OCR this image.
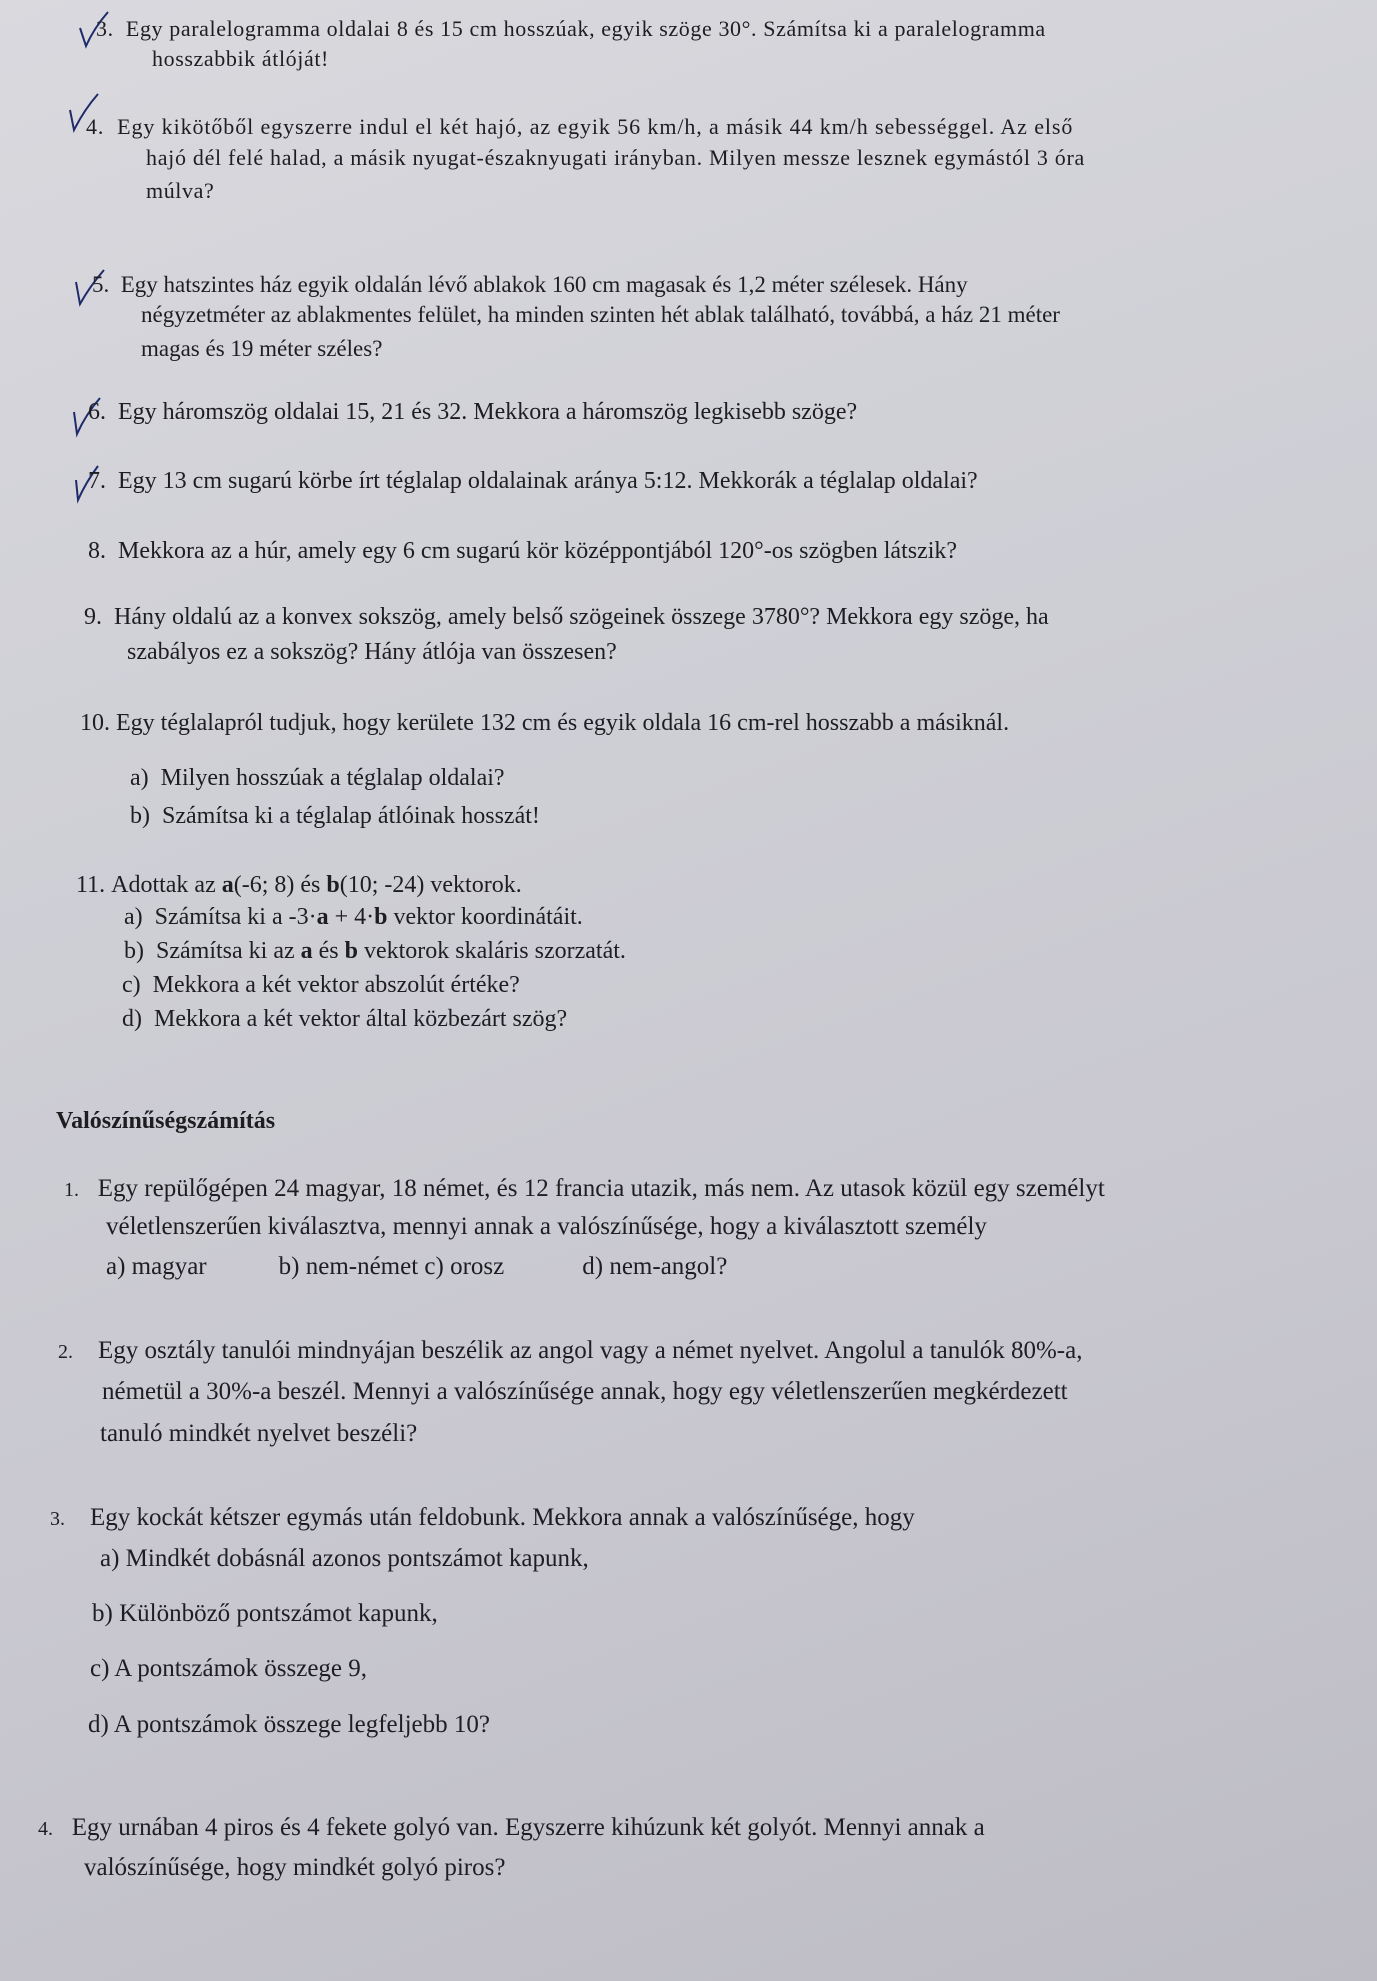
3. Egy paralelogramma oldalai 8 és 15 cm hosszúak, egyik szöge 30°. Számítsa ki a paralelogramma
hosszabbik átlóját!
4. Egy kikötőből egyszerre indul el két hajó, az egyik 56 km/h, a másik 44 km/h sebességgel. Az első
hajó dél felé halad, a másik nyugat-északnyugati irányban. Milyen messze lesznek egymástól 3 óra
múlva?
5. Egy hatszintes ház egyik oldalán lévő ablakok 160 cm magasak és 1,2 méter szélesek. Hány
négyzetméter az ablakmentes felület, ha minden szinten hét ablak található, továbbá, a ház 21 méter
magas és 19 méter széles?
6. Egy háromszög oldalai 15, 21 és 32. Mekkora a háromszög legkisebb szöge?
7. Egy 13 cm sugarú körbe írt téglalap oldalainak aránya 5:12. Mekkorák a téglalap oldalai?
8. Mekkora az a húr, amely egy 6 cm sugarú kör középpontjából 120°-os szögben látszik?
9. Hány oldalú az a konvex sokszög, amely belső szögeinek összege 3780°? Mekkora egy szöge, ha
szabályos ez a sokszög? Hány átlója van összesen?
10. Egy téglalapról tudjuk, hogy kerülete 132 cm és egyik oldala 16 cm-rel hosszabb a másiknál.
a) Milyen hosszúak a téglalap oldalai?
b) Számítsa ki a téglalap átlóinak hosszát!
11. Adottak az a(-6; 8) és b(10; -24) vektorok.
a) Számítsa ki a -3·a + 4·b vektor koordinátáit.
b) Számítsa ki az a és b vektorok skaláris szorzatát.
c) Mekkora a két vektor abszolút értéke?
d) Mekkora a két vektor által közbezárt szög?
Valószínűségszámítás
1. Egy repülőgépen 24 magyar, 18 német, és 12 francia utazik, más nem. Az utasok közül egy személyt
véletlenszerűen kiválasztva, mennyi annak a valószínűsége, hogy a kiválasztott személy
a) magyar	b) nem-német c) orosz	d) nem-angol?
2. Egy osztály tanulói mindnyájan beszélik az angol vagy a német nyelvet. Angolul a tanulók 80%-a,
németül a 30%-a beszél. Mennyi a valószínűsége annak, hogy egy véletlenszerűen megkérdezett
tanuló mindkét nyelvet beszéli?
3. Egy kockát kétszer egymás után feldobunk. Mekkora annak a valószínűsége, hogy
a) Mindkét dobásnál azonos pontszámot kapunk,
b) Különböző pontszámot kapunk,
c) A pontszámok összege 9,
d) A pontszámok összege legfeljebb 10?
4. Egy urnában 4 piros és 4 fekete golyó van. Egyszerre kihúzunk két golyót. Mennyi annak a
valószínűsége, hogy mindkét golyó piros?
